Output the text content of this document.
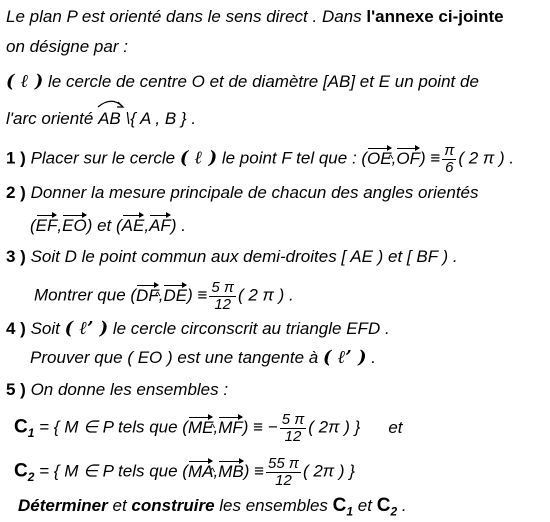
Le plan P est orienté dans le sens direct . Dans l'annexe ci-jointe
on désigne par :
( ℓ ) le cercle de centre O et de diamètre [AB] et E un point de
l'arc orienté
AB \{ A , B } .
1 ) Placer sur le cercle ( ℓ ) le point F tel que : $(OE,OF) \equiv \frac{\pi}{6}$ ( 2 π ) .
2 ) Donner la mesure principale de chacun des angles orientés
(EF,EO) et (AE,AF) .
3 ) Soit D le point commun aux demi-droites [ AE ) et [ BF ) .
Montrer que $(DF,DE) \equiv \frac{5 \pi}{12}$ ( 2 π ) .
4 ) Soit ( ℓ’ ) le cercle circonscrit au triangle EFD .
Prouver que ( EO ) est une tangente à ( ℓ’ ) .
5 ) On donne les ensembles :
$C_1$ = { M ∈ P tels que (ME,MF) ≡ − $\frac{5 \pi}{12}$ ( 2π ) } et
$C_2$ = { M ∈ P tels que $(MA,MB) \equiv \frac{55 \pi}{12}$ ( 2π ) }
Déterminer et construire les ensembles $C_1$ et $C_2$ .
